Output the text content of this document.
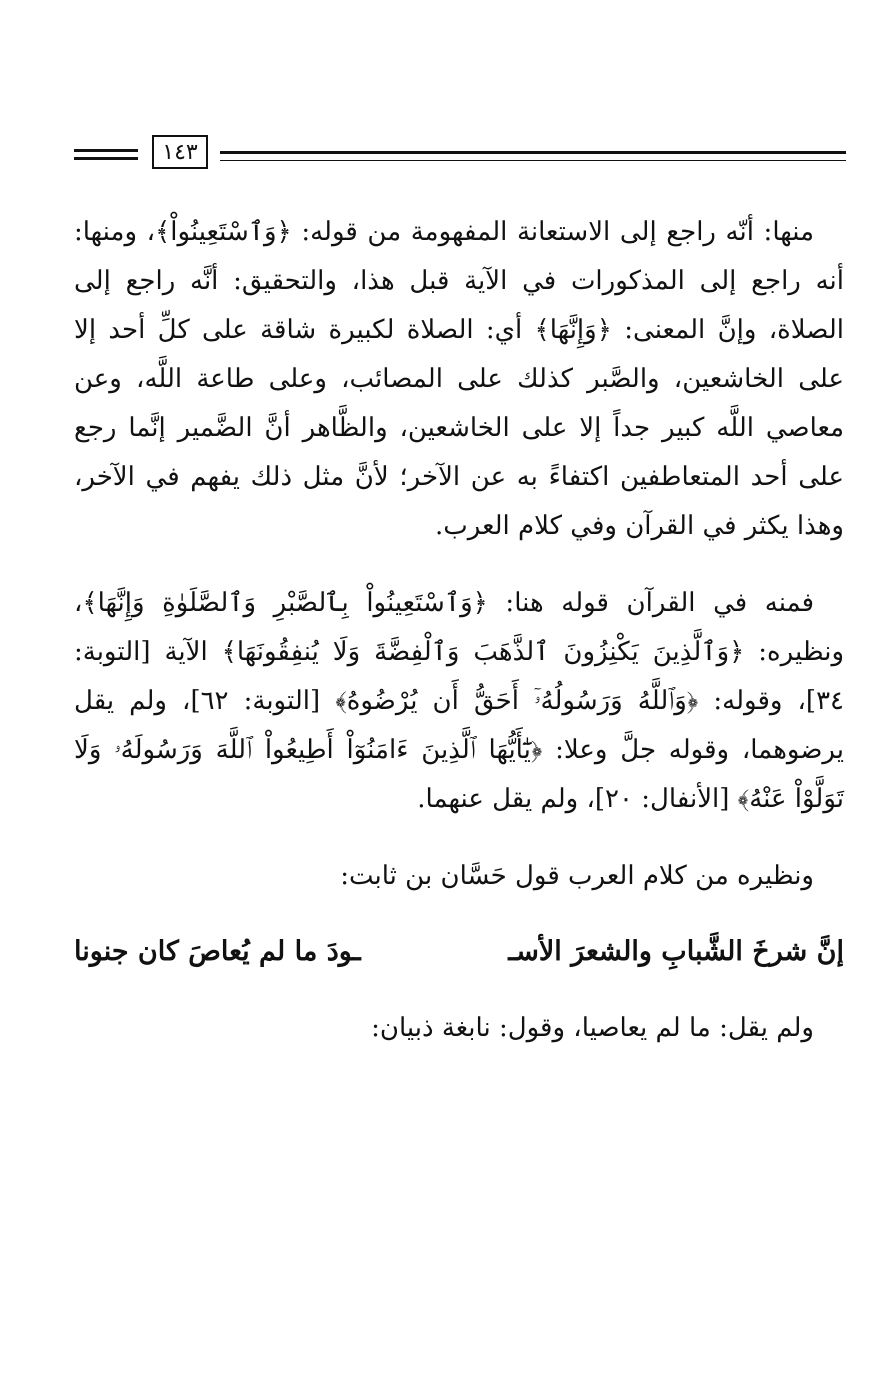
١٤٣

منها: أنّه راجع إلى الاستعانة المفهومة من قوله: ﴿وَٱسْتَعِينُواْ﴾، ومنها: أنه راجع إلى المذكورات في الآية قبل هذا، والتحقيق: أنَّه راجع إلى الصلاة، وإنَّ المعنى: ﴿وَإِنَّهَا﴾ أي: الصلاة لكبيرة شاقة على كلِّ أحد إلا على الخاشعين، والصَّبر كذلك على المصائب، وعلى طاعة اللَّه، وعن معاصي اللَّه كبير جداً إلا على الخاشعين، والظَّاهر أنَّ الضَّمير إنَّما رجع على أحد المتعاطفين اكتفاءً به عن الآخر؛ لأنَّ مثل ذلك يفهم في الآخر، وهذا يكثر في القرآن وفي كلام العرب.

فمنه في القرآن قوله هنا: ﴿وَٱسْتَعِينُواْ بِٱلصَّبْرِ وَٱلصَّلَوٰةِ وَإِنَّهَا﴾، ونظيره: ﴿وَٱلَّذِينَ يَكْنِزُونَ ٱلذَّهَبَ وَٱلْفِضَّةَ وَلَا يُنفِقُونَهَا﴾ الآية [التوبة: ٣٤]، وقوله: ﴿وَٱللَّهُ وَرَسُولُهُۥٓ أَحَقُّ أَن يُرْضُوهُ﴾ [التوبة: ٦٢]، ولم يقل يرضوهما، وقوله جلَّ وعلا: ﴿يَٰٓأَيُّهَا ٱلَّذِينَ ءَامَنُوٓاْ أَطِيعُواْ ٱللَّهَ وَرَسُولَهُۥ وَلَا تَوَلَّوْاْ عَنْهُ﴾ [الأنفال: ٢٠]، ولم يقل عنهما.

ونظيره من كلام العرب قول حَسَّان بن ثابت:

إنَّ شرخَ الشَّبابِ والشعرَ الأسـ
ـودَ ما لم يُعاصَ كان جنونا

ولم يقل: ما لم يعاصيا، وقول: نابغة ذبيان:
